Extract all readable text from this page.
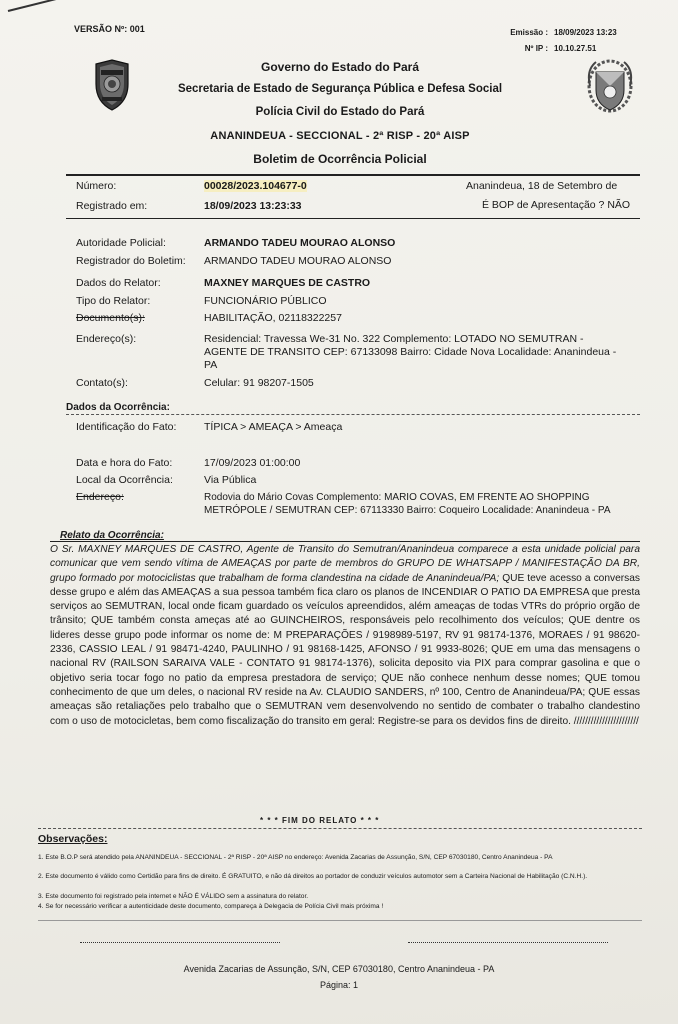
VERSÃO Nº: 001	Emissão : 18/09/2023 13:23
Nº IP : 10.10.27.51
Governo do Estado do Pará
Secretaria de Estado de Segurança Pública e Defesa Social
Polícia Civil do Estado do Pará
ANANINDEUA - SECCIONAL - 2ª RISP - 20ª AISP
Boletim de Ocorrência Policial
Número:	00028/2023.104677-0	Ananindeua, 18 de Setembro de
Registrado em:	18/09/2023 13:23:33	É BOP de Apresentação ? NÃO
Autoridade Policial:	ARMANDO TADEU MOURAO ALONSO
Registrador do Boletim: ARMANDO TADEU MOURAO ALONSO
Dados do Relator:	MAXNEY MARQUES DE CASTRO
Tipo do Relator:	FUNCIONÁRIO PÚBLICO
Documento(s):	HABILITAÇÃO, 02118322257
Endereço(s):	Residencial: Travessa We-31 No. 322 Complemento: LOTADO NO SEMUTRAN - AGENTE DE TRANSITO CEP: 67133098 Bairro: Cidade Nova Localidade: Ananindeua - PA
Contato(s):	Celular: 91 98207-1505
Dados da Ocorrência:
Identificação do Fato:	TÍPICA > AMEAÇA > Ameaça
Data e hora do Fato:	17/09/2023 01:00:00
Local da Ocorrência:	Via Pública
Endereço:	Rodovia do Mário Covas Complemento: MARIO COVAS, EM FRENTE AO SHOPPING METRÓPOLE / SEMUTRAN CEP: 67113330 Bairro: Coqueiro Localidade: Ananindeua - PA
Relato da Ocorrência:
O Sr. MAXNEY MARQUES DE CASTRO, Agente de Transito do Semutran/Ananindeua comparece a esta unidade policial para comunicar que vem sendo vítima de AMEAÇAS por parte de membros do GRUPO DE WHATSAPP / MANIFESTAÇÃO DA BR, grupo formado por motociclistas que trabalham de forma clandestina na cidade de Ananindeua/PA; QUE teve acesso a conversas desse grupo e além das AMEAÇAS a sua pessoa também fica claro os planos de INCENDIAR O PATIO DA EMPRESA que presta serviços ao SEMUTRAN, local onde ficam guardado os veículos apreendidos, além ameaças de todas VTRs do próprio orgão de trânsito; QUE também consta ameças até ao GUINCHEIROS, responsáveis pelo recolhimento dos veículos; QUE dentre os lideres desse grupo pode informar os nome de: M PREPARAÇÕES / 9198989-5197, RV 91 98174-1376, MORAES / 91 98620-2336, CASSIO LEAL / 91 98471-4240, PAULINHO / 91 98168-1425, AFONSO / 91 9933-8026; QUE em uma das mensagens o nacional RV (RAILSON SARAIVA VALE - CONTATO 91 98174-1376), solicita deposito via PIX para comprar gasolina e que o objetivo seria tocar fogo no patio da empresa prestadora de serviço; QUE não conhece nenhum desse nomes; QUE tomou conhecimento de que um deles, o nacional RV reside na Av. CLAUDIO SANDERS, nº 100, Centro de Ananindeua/PA; QUE essas ameaças são retaliações pelo trabalho que o SEMUTRAN vem desenvolvendo no sentido de combater o trabalho clandestino com o uso de motocicletas, bem como fiscalização do transito em geral: Registre-se para os devidos fins de direito. ///////////////////////
* * * FIM DO RELATO * * *
Observações:
1. Este B.O.P será atendido pela ANANINDEUA - SECCIONAL - 2ª RISP - 20ª AISP no endereço: Avenida Zacarias de Assunção, S/N, CEP 67030180, Centro Ananindeua - PA
2. Este documento é válido como Certidão para fins de direito. É GRATUITO, e não dá direitos ao portador de conduzir veículos automotor sem a Carteira Nacional de Habilitação (C.N.H.).
3. Este documento foi registrado pela internet e NÃO É VÁLIDO sem a assinatura do relator.
4. Se for necessário verificar a autenticidade deste documento, compareça à Delegacia de Polícia Civil mais próxima !
Avenida Zacarias de Assunção, S/N, CEP 67030180, Centro Ananindeua - PA
Página: 1
